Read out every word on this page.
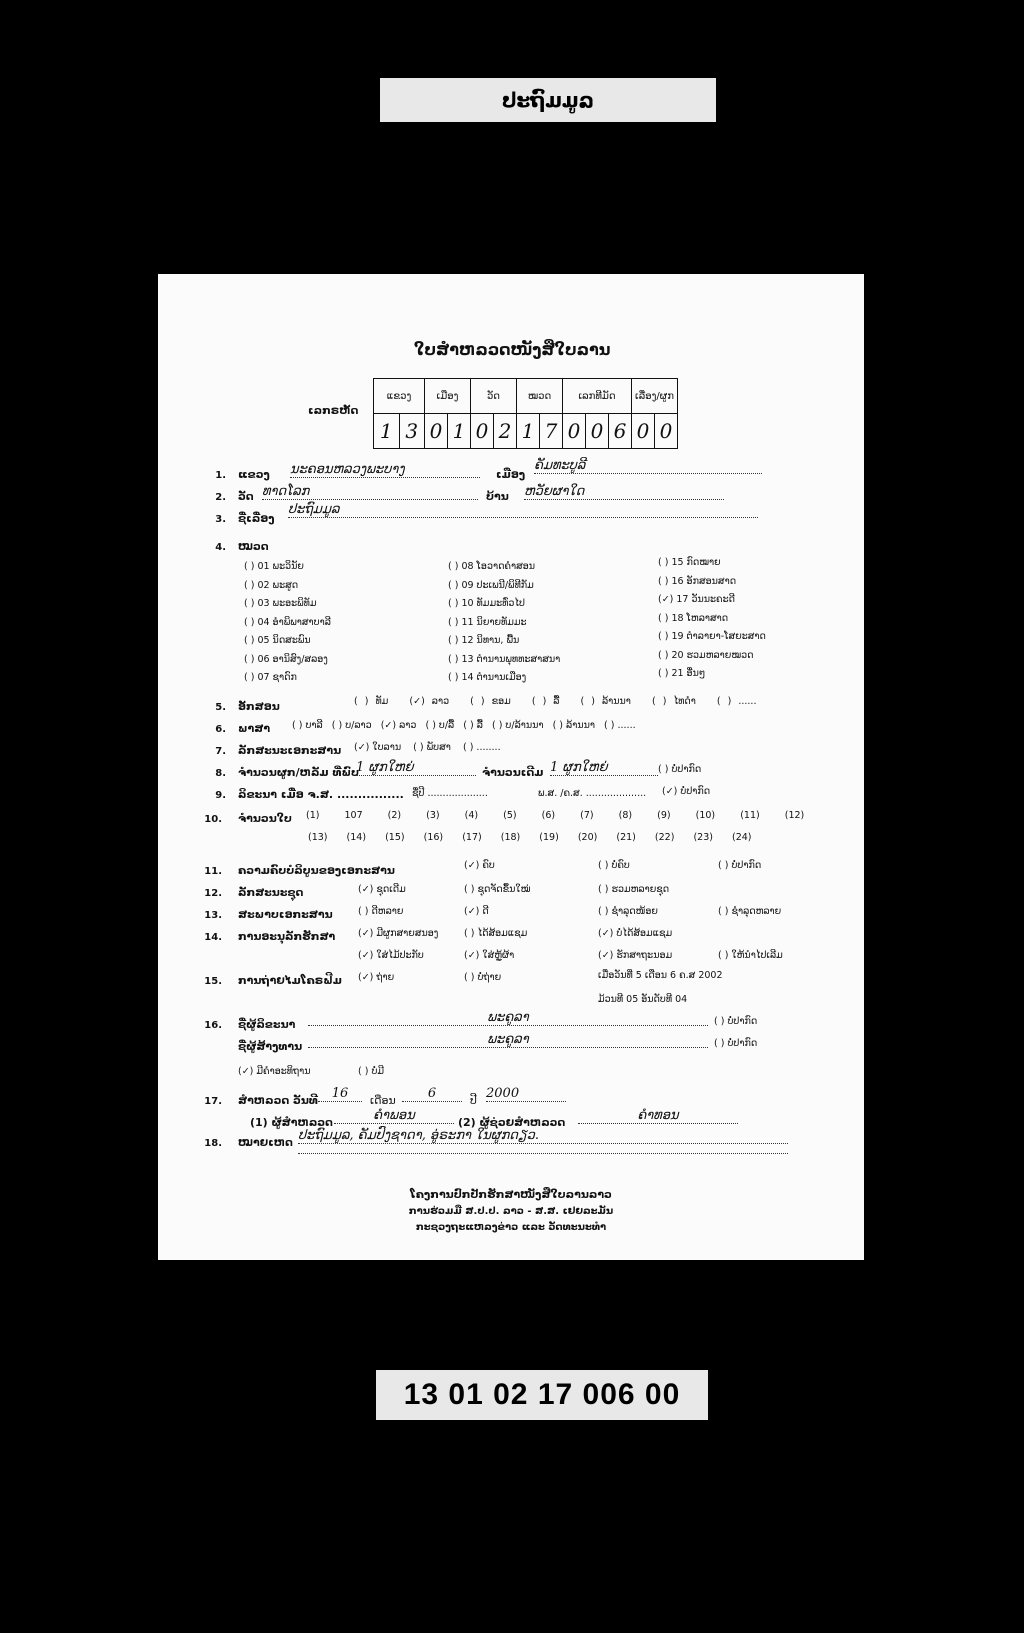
ປະຖົມມູລ
ໃບສຳຫລວດໜັງສືໃບລານ
ເລກຣຫັດ
ແຂວງ		ເມືອງ		ວັດ		ໝວດ		ເລກທີມັດ			ເລື່ອງ/ຜູກ	
1	3	0	1	0	2	1	7	0	0	6	0	0
1. ແຂວງ ນະຄອນຫລວງພະບາງ	ເມືອງ
ຄັມທະບູລີ
2. ວັດ ທາດໂລກ	ບ້ານ ຫວັຍຜາໃດ
3. ຊື່ເລື່ອງ
ປະຖົມມູລ
4. ໝວດ
( ) 01 ພະວິນັຍ
( ) 02 ພະສູດ
( ) 03 ພະອະພິທັມ
( ) 04 ອໍາພິພາສາບາລີ
( ) 05 ນິດສະພົນ
( ) 06 ອານິສົງ/ສລອງ
( ) 07 ຊາດົກ
( ) 08 ໂອວາດຄຳສອນ
( ) 09 ປະເພນີ/ພິທີກັມ
( ) 10 ທັມມະທົ່ວໄປ
( ) 11 ນິຍາຍທັມມະ
( ) 12 ນິທານ, ພື້ນ
( ) 13 ຕຳນານພຸທທະສາສນາ
( ) 14 ຕຳນານເມືອງ
( ) 15 ກົດໝາຍ
( ) 16 ອັກສອນສາດ
(✓) 17 ວັນນະຄະດີ
( ) 18 ໂຫລາສາດ
( ) 19 ຕຳລາຍາ-ໂສຍະສາດ
( ) 20 ຮວມຫລາຍໝວດ
( ) 21 ອື່ນໆ
5. ອັກສອນ	( ) ທັມ (✓) ລາວ ( ) ຂອມ ( ) ລື້ ( ) ລ້ານນາ ( ) ໄທດຳ ( ) ......
6. ພາສາ ( ) ບາລີ ( ) ບ/ລາວ (✓) ລາວ ( ) ບ/ລື້ ( ) ລື້ ( ) ບ/ລ້ານນາ ( ) ລ້ານນາ ( ) ......
7. ລັກສະນະເອກະສານ (✓) ໃບລານ ( ) ພັບສາ ( ) ........
8. ຈຳນວນຜູກ/ຫລັມ ທີ່ພົບ
1 ຜູກໃຫຍ່	ຈຳນວນເດີມ 1 ຜູກໃຫຍ່	( ) ບໍ່ປາກົດ
9. ລິຂະນາ ເມື່ອ ຈ.ສ. ................ ຊື່ປີ ....................	ພ.ສ. /ຄ.ສ. .................... (✓) ບໍ່ປາກົດ
10. ຈຳນວນໃບ (1) 107	(2)	(3)	(4)	(5)	(6)	(7)	(8)	(9)	(10)	(11)	(12)
(13) (14) (15) (16) (17) (18) (19) (20) (21) (22) (23) (24)
11. ຄວາມຄົບບໍລິບູນຂອງເອກະສານ	(✓) ຄົບ	( ) ບໍ່ຄົບ	( ) ບໍ່ປາກົດ
12. ລັກສະນະຊຸດ	(✓) ຊຸດເດີມ	( ) ຊຸດຈັດຂຶ້ນໃໝ່	( ) ຮວມຫລາຍຊຸດ
13. ສະພາບເອກະສານ	( ) ດີຫລາຍ	(✓) ດີ	( ) ຊຳລຸດໜ້ອຍ	( ) ຊຳລຸດຫລາຍ
14. ການອະນຸລັກຮັກສາ (✓) ມີຜູກສາຍສນອງ	( ) ໄດ້ສ້ອມແຊມ	(✓) ບໍ່ໄດ້ສ້ອມແຊມ
(✓) ໃສ່ໄມ້ປະກັບ	(✓) ໃສ່ຫຼູ້ຜ້າ	(✓) ຮັກສາຖະນອມ	( ) ໃຫ້ນຳໄປເລີມ
15. ການຖ່າຍໄມໂຄຣຟີມ (✓) ຖ່າຍ	( ) ບໍ່ຖ່າຍ	ເມື່ອວັນທີ່ 5 ເດືອນ 6 ຄ.ສ 2002
ມ້ວນທີ 05 ອັນດັບທີ 04
16. ຊື່ຜູ້ລິຂະນາ	ພະຄູລາ	( ) ບໍ່ປາກົດ
ຊື່ຜູ້ສ້າງທານ	ພະຄູລາ	( ) ບໍ່ປາກົດ
(✓) ມີຄຳອະທິຖານ	( ) ບໍ່ມີ
17. ສຳຫລວດ ວັນທີ	16	ເດືອນ	6	ປີ 2000
(1) ຜູ້ສຳຫລວດ	ຄຳພອນ	(2) ຜູ້ຊ່ວຍສຳຫລວດ	ຄຳທອນ
18. ໝາຍເຫດ ປະຖົມມູລ, ຄັມປົງຊາດາ, ອູ່ຣະກາ ໃນຜູກດຽວ.
ໂຄງການປົກປັກຮັກສາໜັງສືໃບລານລາວ
ການຮ່ວມມື ສ.ປ.ປ. ລາວ - ສ.ສ. ເຢຍລະມັນ
ກະຊວງຖະແຫລງຂ່າວ ແລະ ວັດທະນະທຳ
13 01 02 17 006 00
